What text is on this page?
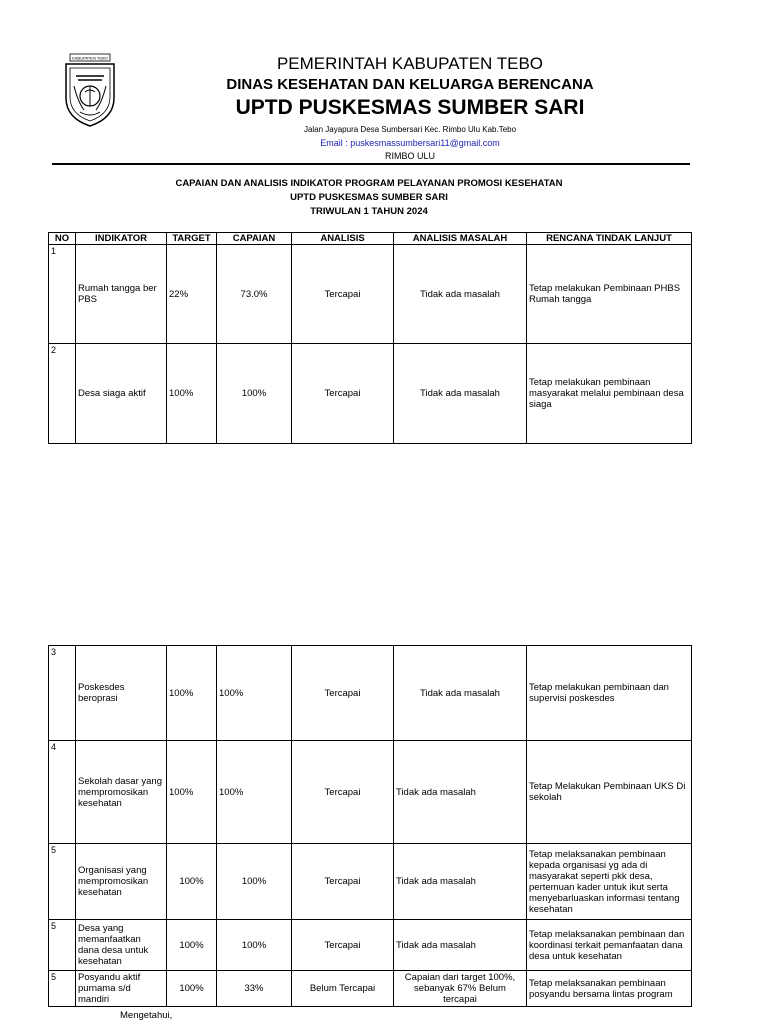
KABUPATEN TEBO	PEMERINTAH KABUPATEN TEBO
DINAS KESEHATAN DAN KELUARGA BERENCANA
UPTD PUSKESMAS SUMBER SARI
Jalan Jayapura Desa Sumbersari Kec. Rimbo Ulu Kab.Tebo
Email : puskesmassumbersari11@gmail.com
RIMBO ULU
CAPAIAN DAN ANALISIS INDIKATOR PROGRAM PELAYANAN PROMOSI KESEHATAN
UPTD PUSKESMAS SUMBER SARI
TRIWULAN 1 TAHUN 2024
NO	INDIKATOR	TARGET	CAPAIAN	ANALISIS	ANALISIS MASALAH	RENCANA TINDAK LANJUT
1	Rumah tangga ber PBS	22%	73.0%	Tercapai	Tidak ada masalah	Tetap melakukan Pembinaan PHBS Rumah tangga
2	Desa siaga aktif	100%	100%	Tercapai	Tidak ada masalah	Tetap melakukan pembinaan masyarakat melalui pembinaan desa siaga
3	Poskesdes beroprasi	100%	100%	Tercapai	Tidak ada masalah	Tetap melakukan pembinaan dan supervisi poskesdes
4	Sekolah dasar yang mempromosikan kesehatan	100%	100%	Tercapai	Tidak ada masalah	Tetap Melakukan Pembinaan UKS Di sekolah
5	Organisasi yang mempromosikan kesehatan	100%	100%	Tercapai	Tidak ada masalah	Tetap melaksanakan pembinaan kepada organisasi yg ada di masyarakat seperti pkk desa, pertemuan kader untuk ikut serta menyebarluaskan informasi tentang kesehatan
5	Desa yang memanfaatkan dana desa untuk kesehatan	100%	100%	Tercapai	Tidak ada masalah	Tetap melaksanakan pembinaan dan koordinasi terkait pemanfaatan dana desa untuk kesehatan
5	Posyandu aktif purnama s/d mandiri	100%	33%	Belum Tercapai	Capaian dari target 100%, sebanyak 67% Belum tercapai	Tetap melaksanakan pembinaan posyandu bersama lintas program
Mengetahui,
